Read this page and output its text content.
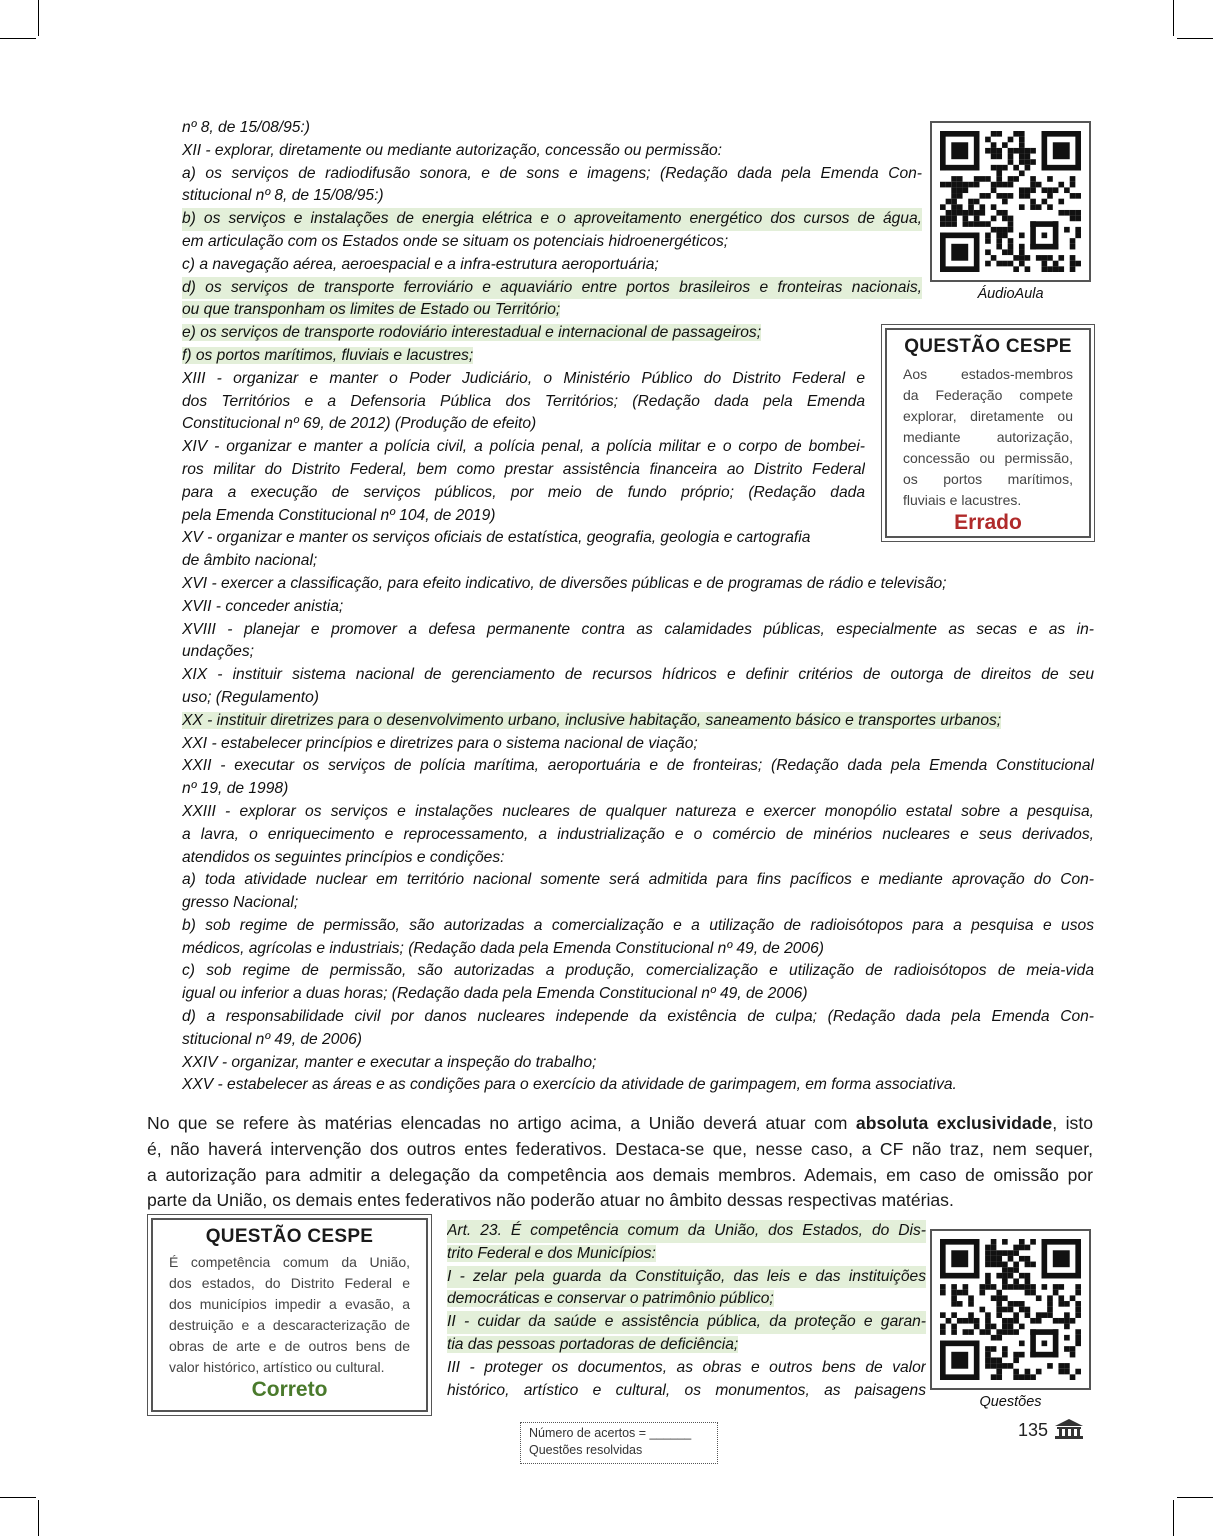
nº 8, de 15/08/95:)
XII - explorar, diretamente ou mediante autorização, concessão ou permissão:
a) os serviços de radiodifusão sonora, e de sons e imagens; (Redação dada pela Emenda Con-
stitucional nº 8, de 15/08/95:)
b) os serviços e instalações de energia elétrica e o aproveitamento energético dos cursos de água,
em articulação com os Estados onde se situam os potenciais hidroenergéticos;
c) a navegação aérea, aeroespacial e a infra-estrutura aeroportuária;
d) os serviços de transporte ferroviário e aquaviário entre portos brasileiros e fronteiras nacionais,
ou que transponham os limites de Estado ou Território;
e) os serviços de transporte rodoviário interestadual e internacional de passageiros;
f) os portos marítimos, fluviais e lacustres;
XIII - organizar e manter o Poder Judiciário, o Ministério Público do Distrito Federal e
dos Territórios e a Defensoria Pública dos Territórios; (Redação dada pela Emenda
Constitucional nº 69, de 2012) (Produção de efeito)
XIV - organizar e manter a polícia civil, a polícia penal, a polícia militar e o corpo de bombei-
ros militar do Distrito Federal, bem como prestar assistência financeira ao Distrito Federal
para a execução de serviços públicos, por meio de fundo próprio; (Redação dada
pela Emenda Constitucional nº 104, de 2019)
XV - organizar e manter os serviços oficiais de estatística, geografia, geologia e cartografia
de âmbito nacional;
XVI - exercer a classificação, para efeito indicativo, de diversões públicas e de programas de rádio e televisão;
XVII - conceder anistia;
XVIII - planejar e promover a defesa permanente contra as calamidades públicas, especialmente as secas e as in-
undações;
XIX - instituir sistema nacional de gerenciamento de recursos hídricos e definir critérios de outorga de direitos de seu
uso; (Regulamento)
XX - instituir diretrizes para o desenvolvimento urbano, inclusive habitação, saneamento básico e transportes urbanos;
XXI - estabelecer princípios e diretrizes para o sistema nacional de viação;
XXII - executar os serviços de polícia marítima, aeroportuária e de fronteiras; (Redação dada pela Emenda Constitucional
nº 19, de 1998)
XXIII - explorar os serviços e instalações nucleares de qualquer natureza e exercer monopólio estatal sobre a pesquisa,
a lavra, o enriquecimento e reprocessamento, a industrialização e o comércio de minérios nucleares e seus derivados,
atendidos os seguintes princípios e condições:
a) toda atividade nuclear em território nacional somente será admitida para fins pacíficos e mediante aprovação do Con-
gresso Nacional;
b) sob regime de permissão, são autorizadas a comercialização e a utilização de radioisótopos para a pesquisa e usos
médicos, agrícolas e industriais; (Redação dada pela Emenda Constitucional nº 49, de 2006)
c) sob regime de permissão, são autorizadas a produção, comercialização e utilização de radioisótopos de meia-vida
igual ou inferior a duas horas; (Redação dada pela Emenda Constitucional nº 49, de 2006)
d) a responsabilidade civil por danos nucleares independe da existência de culpa; (Redação dada pela Emenda Con-
stitucional nº 49, de 2006)
XXIV - organizar, manter e executar a inspeção do trabalho;
XXV - estabelecer as áreas e as condições para o exercício da atividade de garimpagem, em forma associativa.
ÁudioAula
QUESTÃO CESPE
Aos estados-membros
da Federação compete
explorar, diretamente ou
mediante autorização,
concessão ou permissão,
os portos marítimos,
fluviais e lacustres.
Errado
No que se refere às matérias elencadas no artigo acima, a União deverá atuar com absoluta exclusividade, isto
é, não haverá intervenção dos outros entes federativos. Destaca-se que, nesse caso, a CF não traz, nem sequer,
a autorização para admitir a delegação da competência aos demais membros. Ademais, em caso de omissão por
parte da União, os demais entes federativos não poderão atuar no âmbito dessas respectivas matérias.
QUESTÃO CESPE
É competência comum da União,
dos estados, do Distrito Federal e
dos municípios impedir a evasão, a
destruição e a descaracterização de
obras de arte e de outros bens de
valor histórico, artístico ou cultural.
Correto
Art. 23. É competência comum da União, dos Estados, do Dis-
trito Federal e dos Municípios:
I - zelar pela guarda da Constituição, das leis e das instituições
democráticas e conservar o patrimônio público;
II - cuidar da saúde e assistência pública, da proteção e garan-
tia das pessoas portadoras de deficiência;
III - proteger os documentos, as obras e outros bens de valor
histórico, artístico e cultural, os monumentos, as paisagens
Questões
Número de acertos = ______
Questões resolvidas
135
